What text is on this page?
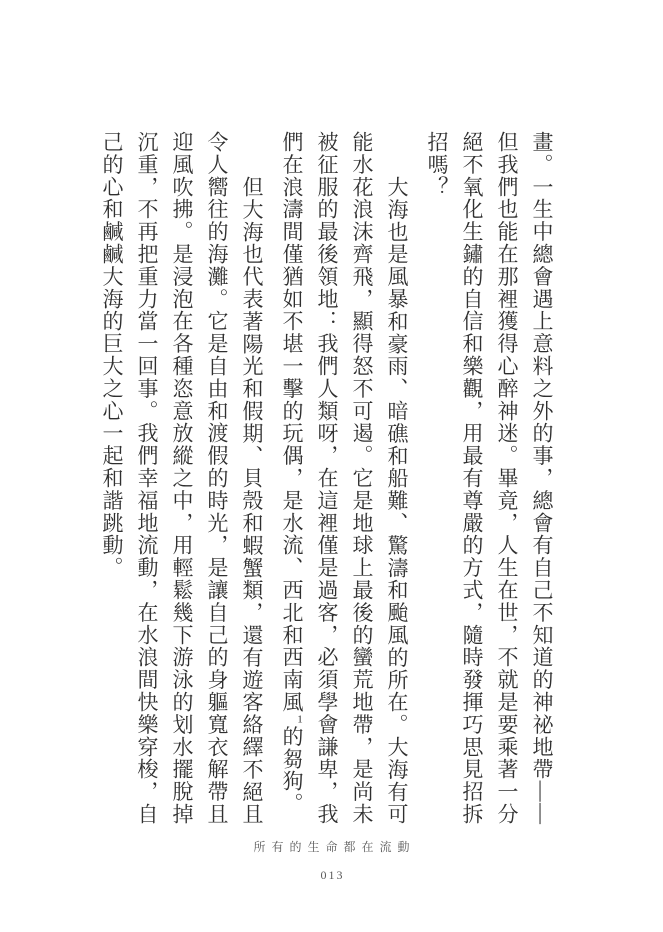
畫。一生中總會遇上意料之外的事，總會有自己不知道的神祕地帶——但我們也能在那裡獲得心醉神迷。畢竟，人生在世，不就是要乘著一分絕不氧化生鏽的自信和樂觀，用最有尊嚴的方式，隨時發揮巧思見招拆招嗎？

大海也是風暴和豪雨、暗礁和船難、驚濤和颱風的所在。大海有可能水花浪沫齊飛，顯得怒不可遏。它是地球上最後的蠻荒地帶，是尚未被征服的最後領地：我們人類呀，在這裡僅是過客，必須學會謙卑，我們在浪濤間僅猶如不堪一擊的玩偶，是水流、西北和西南風$^1$的芻狗。

但大海也代表著陽光和假期、貝殼和蝦蟹類，還有遊客絡繹不絕且令人嚮往的海灘。它是自由和渡假的時光，是讓自己的身軀寬衣解帶且迎風吹拂。是浸泡在各種恣意放縱之中，用輕鬆幾下游泳的划水擺脫掉沉重，不再把重力當一回事。我們幸福地流動，在水浪間快樂穿梭，自己的心和鹹鹹大海的巨大之心一起和諧跳動。

所有的生命都在流動
013
